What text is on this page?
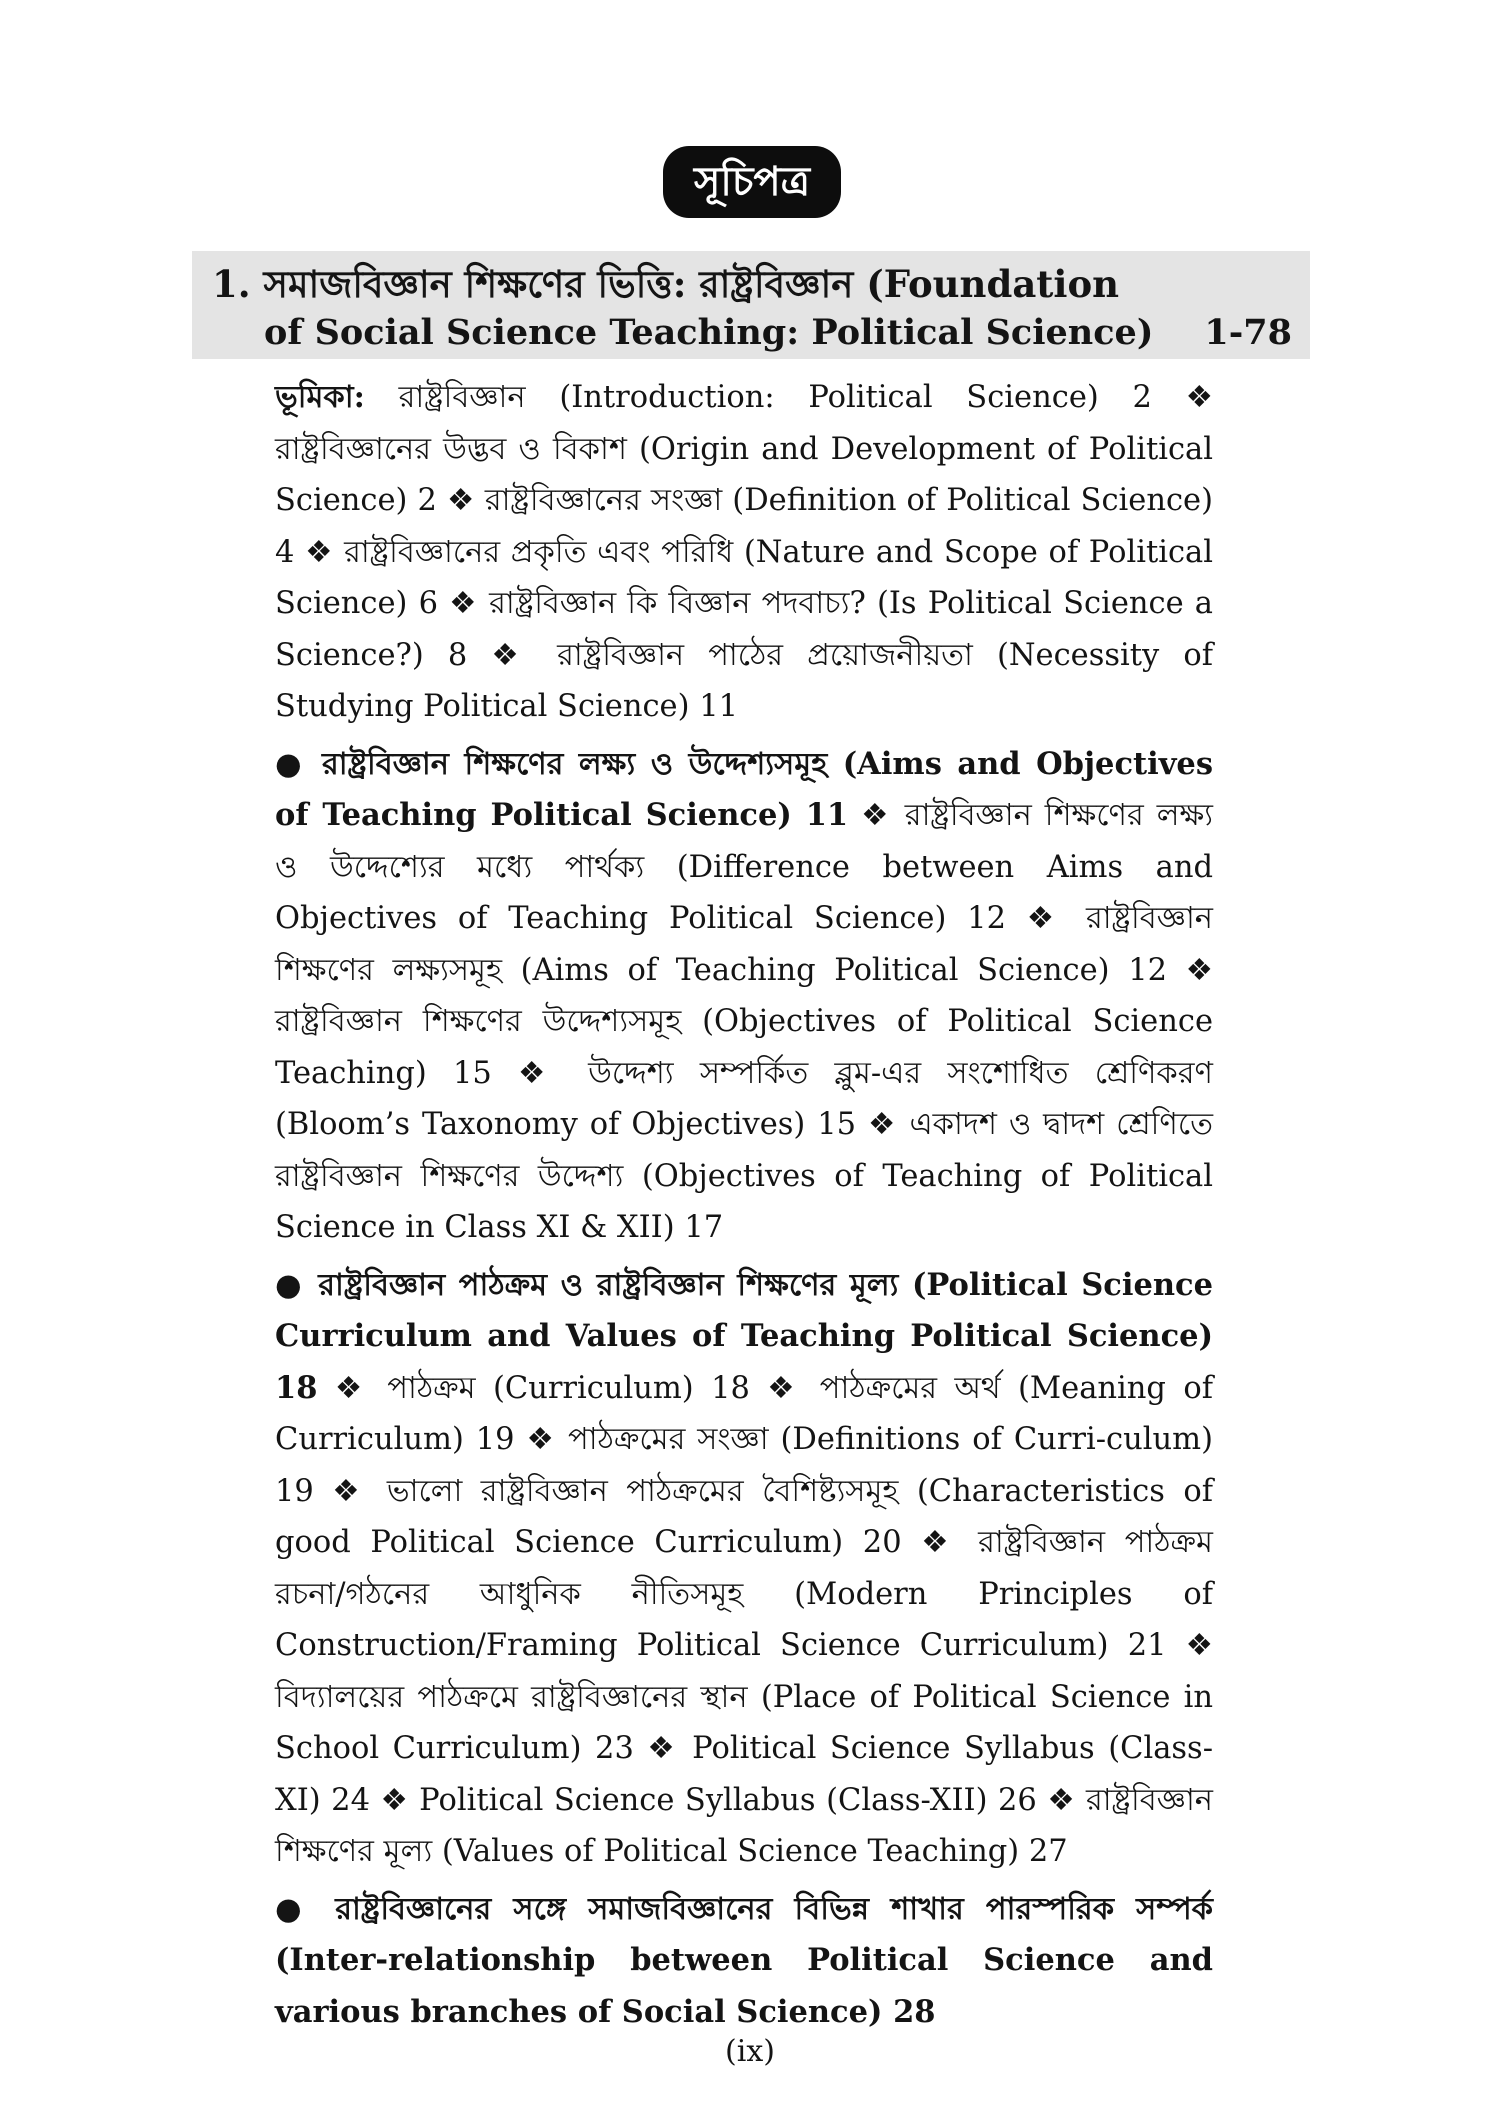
সূচিপত্র
1. সমাজবিজ্ঞান শিক্ষণের ভিত্তি: রাষ্ট্রবিজ্ঞান (Foundation
of Social Science Teaching: Political Science) 1-78

ভূমিকা: রাষ্ট্রবিজ্ঞান (Introduction: Political Science) 2 ❖ রাষ্ট্রবিজ্ঞানের উদ্ভব ও বিকাশ (Origin and Development of Political Science) 2 ❖ রাষ্ট্রবিজ্ঞানের সংজ্ঞা (Definition of Political Science) 4 ❖ রাষ্ট্রবিজ্ঞানের প্রকৃতি এবং পরিধি (Nature and Scope of Political Science) 6 ❖ রাষ্ট্রবিজ্ঞান কি বিজ্ঞান পদবাচ্য? (Is Political Science a Science?) 8 ❖ রাষ্ট্রবিজ্ঞান পাঠের প্রয়োজনীয়তা (Necessity of Studying Political Science) 11

● রাষ্ট্রবিজ্ঞান শিক্ষণের লক্ষ্য ও উদ্দেশ্যসমূহ (Aims and Objectives of Teaching Political Science) 11 ❖ রাষ্ট্রবিজ্ঞান শিক্ষণের লক্ষ্য ও উদ্দেশ্যের মধ্যে পার্থক্য (Difference between Aims and Objectives of Teaching Political Science) 12 ❖ রাষ্ট্রবিজ্ঞান শিক্ষণের লক্ষ্যসমূহ (Aims of Teaching Political Science) 12 ❖ রাষ্ট্রবিজ্ঞান শিক্ষণের উদ্দেশ্যসমূহ (Objectives of Political Science Teaching) 15 ❖ উদ্দেশ্য সম্পর্কিত ব্লুম-এর সংশোধিত শ্রেণিকরণ (Bloom’s Taxonomy of Objectives) 15 ❖ একাদশ ও দ্বাদশ শ্রেণিতে রাষ্ট্রবিজ্ঞান শিক্ষণের উদ্দেশ্য (Objectives of Teaching of Political Science in Class XI & XII) 17

● রাষ্ট্রবিজ্ঞান পাঠক্রম ও রাষ্ট্রবিজ্ঞান শিক্ষণের মূল্য (Political Science Curriculum and Values of Teaching Political Science) 18 ❖ পাঠক্রম (Curriculum) 18 ❖ পাঠক্রমের অর্থ (Meaning of Curriculum) 19 ❖ পাঠক্রমের সংজ্ঞা (Definitions of Curri-culum) 19 ❖ ভালো রাষ্ট্রবিজ্ঞান পাঠক্রমের বৈশিষ্ট্যসমূহ (Characteristics of good Political Science Curriculum) 20 ❖ রাষ্ট্রবিজ্ঞান পাঠক্রম রচনা/গঠনের আধুনিক নীতিসমূহ (Modern Principles of Construction/Framing Political Science Curriculum) 21 ❖ বিদ্যালয়ের পাঠক্রমে রাষ্ট্রবিজ্ঞানের স্থান (Place of Political Science in School Curriculum) 23 ❖ Political Science Syllabus (Class-XI) 24 ❖ Political Science Syllabus (Class-XII) 26 ❖ রাষ্ট্রবিজ্ঞান শিক্ষণের মূল্য (Values of Political Science Teaching) 27

● রাষ্ট্রবিজ্ঞানের সঙ্গে সমাজবিজ্ঞানের বিভিন্ন শাখার পারস্পরিক সম্পর্ক (Inter-relationship between Political Science and various branches of Social Science) 28

(ix)
